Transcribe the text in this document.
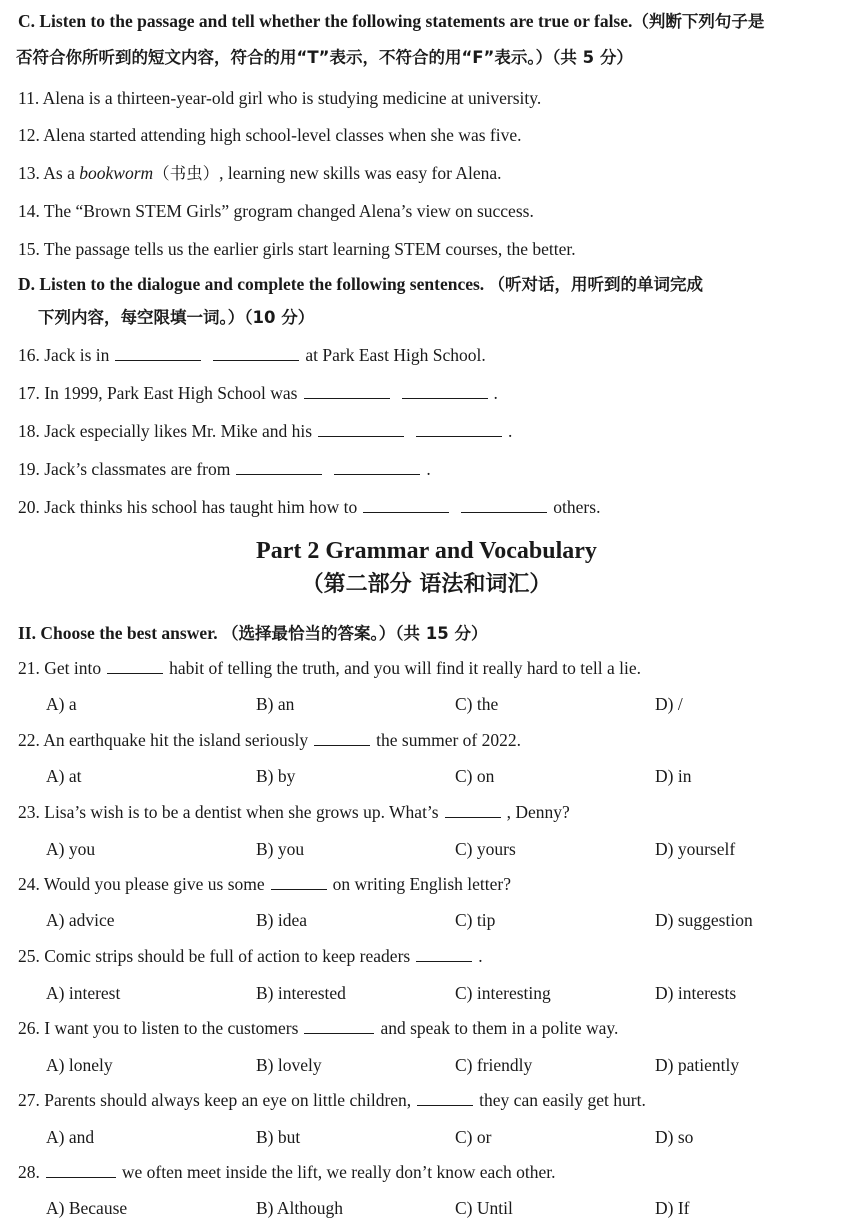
C. Listen to the passage and tell whether the following statements are true or false.（判断下列句子是
否符合你所听到的短文内容，符合的用“T”表示，不符合的用“F”表示。）（共 5 分）
11. Alena is a thirteen-year-old girl who is studying medicine at university.
12. Alena started attending high school-level classes when she was five.
13. As a bookworm（书虫）, learning new skills was easy for Alena.
14. The “Brown STEM Girls” grogram changed Alena’s view on success.
15. The passage tells us the earlier girls start learning STEM courses, the better.
D. Listen to the dialogue and complete the following sentences. （听对话，用听到的单词完成
下列内容，每空限填一词。）（10 分）
16. Jack is in	at Park East High School.
17. In 1999, Park East High School was	.
18. Jack especially likes Mr. Mike and his	.
19. Jack’s classmates are from	.
20. Jack thinks his school has taught him how to	others.
Part 2 Grammar and Vocabulary
（第二部分 语法和词汇）
II. Choose the best answer. （选择最恰当的答案。）（共 15 分）
21. Get into	habit of telling the truth, and you will find it really hard to tell a lie.
A) a	B) an	C) the	D) /
22. An earthquake hit the island seriously	the summer of 2022.
A) at	B) by	C) on	D) in
23. Lisa’s wish is to be a dentist when she grows up. What’s	, Denny?
A) you	B) you	C) yours	D) yourself
24. Would you please give us some	on writing English letter?
A) advice	B) idea	C) tip	D) suggestion
25. Comic strips should be full of action to keep readers	.
A) interest	B) interested	C) interesting	D) interests
26. I want you to listen to the customers	and speak to them in a polite way.
A) lonely	B) lovely	C) friendly	D) patiently
27. Parents should always keep an eye on little children,	they can easily get hurt.
A) and	B) but	C) or	D) so
28.	we often meet inside the lift, we really don’t know each other.
A) Because	B) Although	C) Until	D) If
